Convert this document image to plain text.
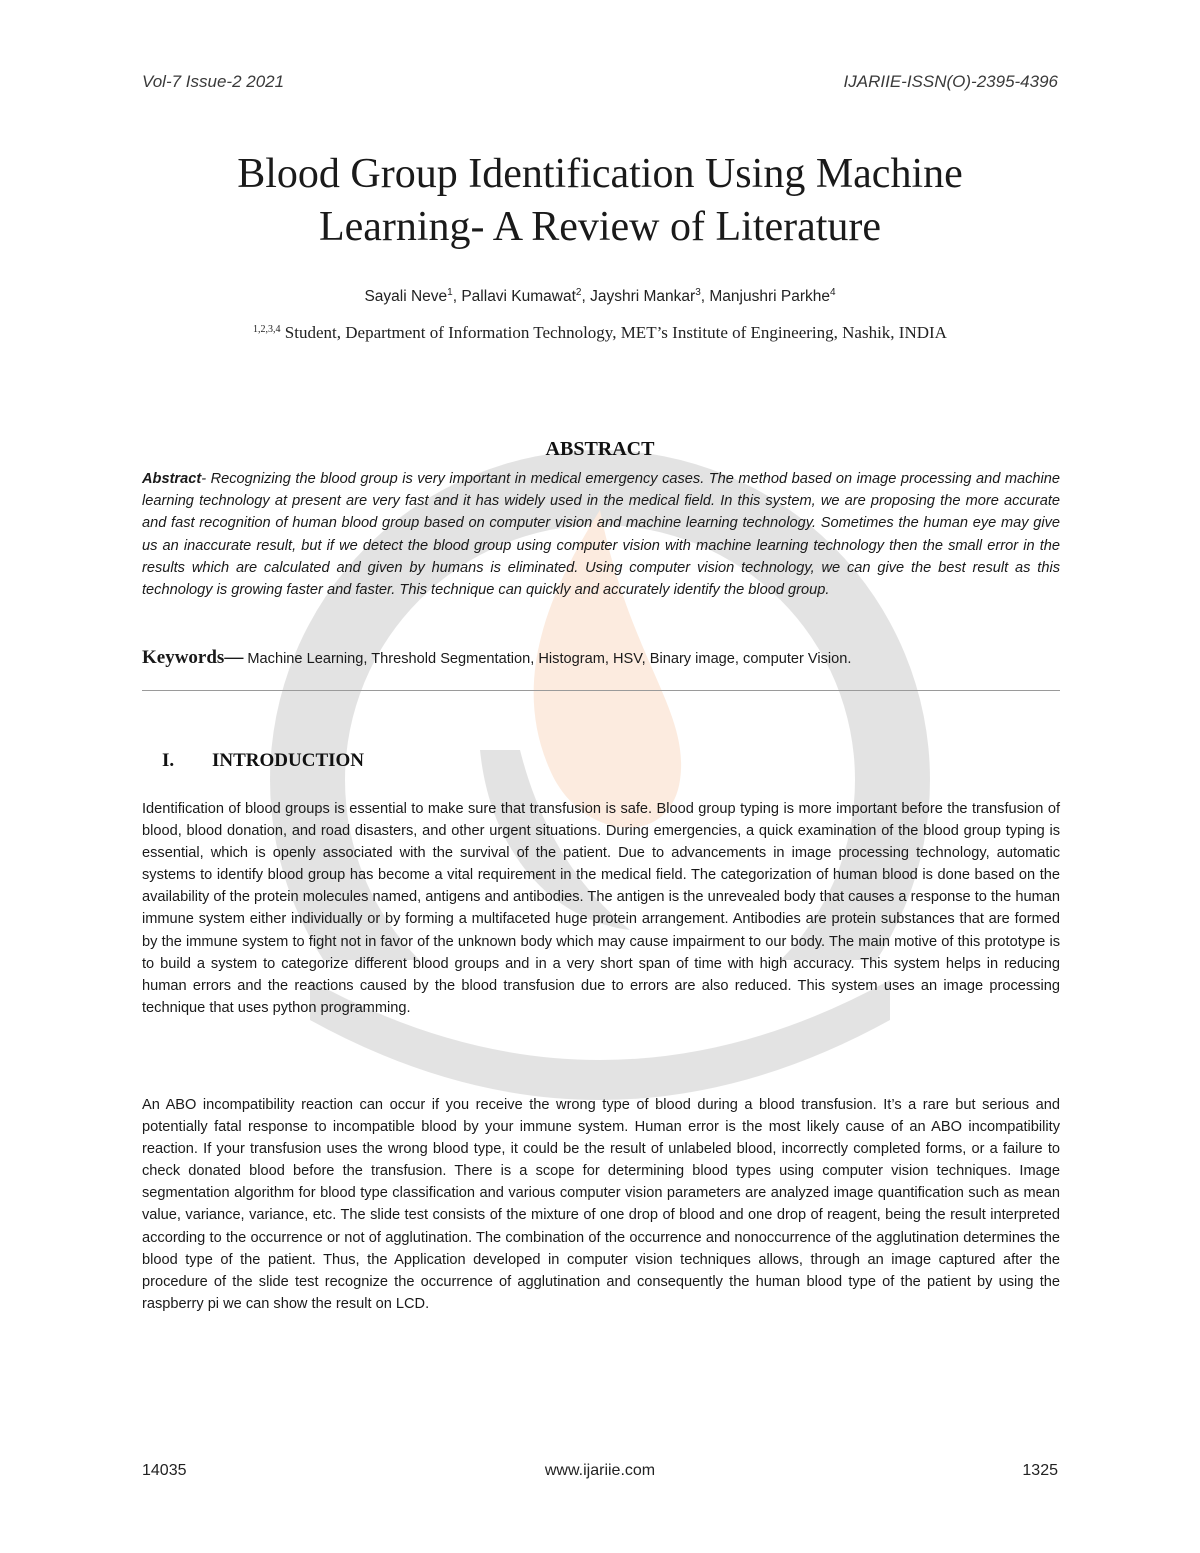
Vol-7 Issue-2 2021	IJARIIE-ISSN(O)-2395-4396
Blood Group Identification Using Machine
Learning- A Review of Literature
Sayali Neve$^1$, Pallavi Kumawat$^2$, Jayshri Mankar$^3$, Manjushri Parkhe$^4$
$^{1,2,3,4}$ Student, Department of Information Technology, MET’s Institute of Engineering, Nashik, INDIA
ABSTRACT
Abstract- Recognizing the blood group is very important in medical emergency cases. The method based on image processing and machine learning technology at present are very fast and it has widely used in the medical field. In this system, we are proposing the more accurate and fast recognition of human blood group based on computer vision and machine learning technology. Sometimes the human eye may give us an inaccurate result, but if we detect the blood group using computer vision with machine learning technology then the small error in the results which are calculated and given by humans is eliminated. Using computer vision technology, we can give the best result as this technology is growing faster and faster. This technique can quickly and accurately identify the blood group.
Keywords— Machine Learning, Threshold Segmentation, Histogram, HSV, Binary image, computer Vision.
I. INTRODUCTION
Identification of blood groups is essential to make sure that transfusion is safe. Blood group typing is more important before the transfusion of blood, blood donation, and road disasters, and other urgent situations. During emergencies, a quick examination of the blood group typing is essential, which is openly associated with the survival of the patient. Due to advancements in image processing technology, automatic systems to identify blood group has become a vital requirement in the medical field. The categorization of human blood is done based on the availability of the protein molecules named, antigens and antibodies. The antigen is the unrevealed body that causes a response to the human immune system either individually or by forming a multifaceted huge protein arrangement. Antibodies are protein substances that are formed by the immune system to fight not in favor of the unknown body which may cause impairment to our body. The main motive of this prototype is to build a system to categorize different blood groups and in a very short span of time with high accuracy. This system helps in reducing human errors and the reactions caused by the blood transfusion due to errors are also reduced. This system uses an image processing technique that uses python programming.
An ABO incompatibility reaction can occur if you receive the wrong type of blood during a blood transfusion. It’s a rare but serious and potentially fatal response to incompatible blood by your immune system. Human error is the most likely cause of an ABO incompatibility reaction. If your transfusion uses the wrong blood type, it could be the result of unlabeled blood, incorrectly completed forms, or a failure to check donated blood before the transfusion. There is a scope for determining blood types using computer vision techniques. Image segmentation algorithm for blood type classification and various computer vision parameters are analyzed image quantification such as mean value, variance, variance, etc. The slide test consists of the mixture of one drop of blood and one drop of reagent, being the result interpreted according to the occurrence or not of agglutination. The combination of the occurrence and nonoccurrence of the agglutination determines the blood type of the patient. Thus, the Application developed in computer vision techniques allows, through an image captured after the procedure of the slide test recognize the occurrence of agglutination and consequently the human blood type of the patient by using the raspberry pi we can show the result on LCD.
14035	www.ijariie.com	1325
